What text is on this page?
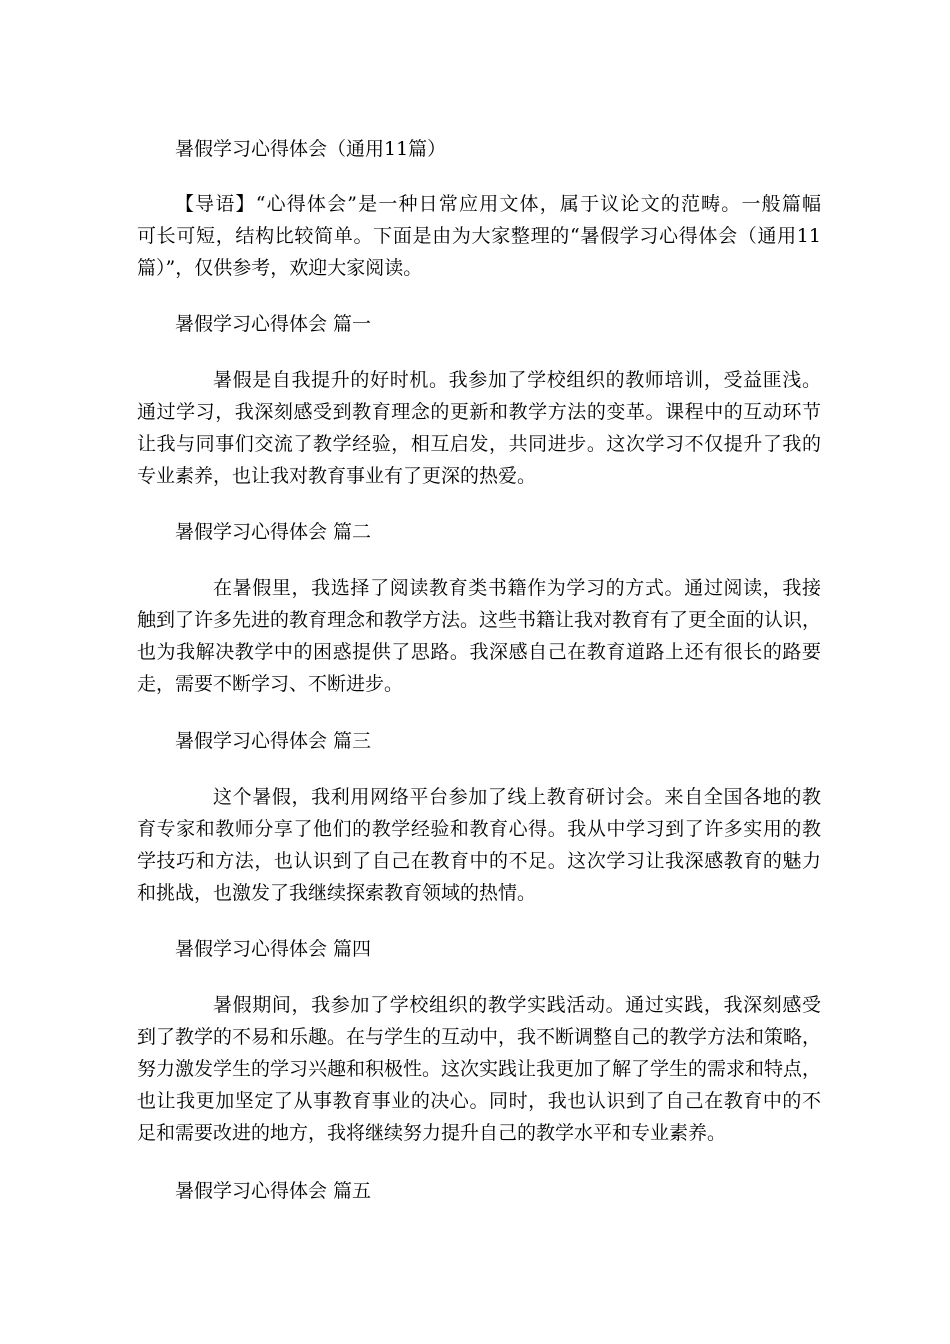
暑假学习心得体会（通用11篇）
【导语】“心得体会”是一种日常应用文体，属于议论文的范畴。一般篇幅
可长可短，结构比较简单。下面是由为大家整理的“暑假学习心得体会（通用11
篇）”，仅供参考，欢迎大家阅读。
暑假学习心得体会 篇一
暑假是自我提升的好时机。我参加了学校组织的教师培训，受益匪浅。
通过学习，我深刻感受到教育理念的更新和教学方法的变革。课程中的互动环节
让我与同事们交流了教学经验，相互启发，共同进步。这次学习不仅提升了我的
专业素养，也让我对教育事业有了更深的热爱。
暑假学习心得体会 篇二
在暑假里，我选择了阅读教育类书籍作为学习的方式。通过阅读，我接
触到了许多先进的教育理念和教学方法。这些书籍让我对教育有了更全面的认识，
也为我解决教学中的困惑提供了思路。我深感自己在教育道路上还有很长的路要
走，需要不断学习、不断进步。
暑假学习心得体会 篇三
这个暑假，我利用网络平台参加了线上教育研讨会。来自全国各地的教
育专家和教师分享了他们的教学经验和教育心得。我从中学习到了许多实用的教
学技巧和方法，也认识到了自己在教育中的不足。这次学习让我深感教育的魅力
和挑战，也激发了我继续探索教育领域的热情。
暑假学习心得体会 篇四
暑假期间，我参加了学校组织的教学实践活动。通过实践，我深刻感受
到了教学的不易和乐趣。在与学生的互动中，我不断调整自己的教学方法和策略，
努力激发学生的学习兴趣和积极性。这次实践让我更加了解了学生的需求和特点，
也让我更加坚定了从事教育事业的决心。同时，我也认识到了自己在教育中的不
足和需要改进的地方，我将继续努力提升自己的教学水平和专业素养。
暑假学习心得体会 篇五
